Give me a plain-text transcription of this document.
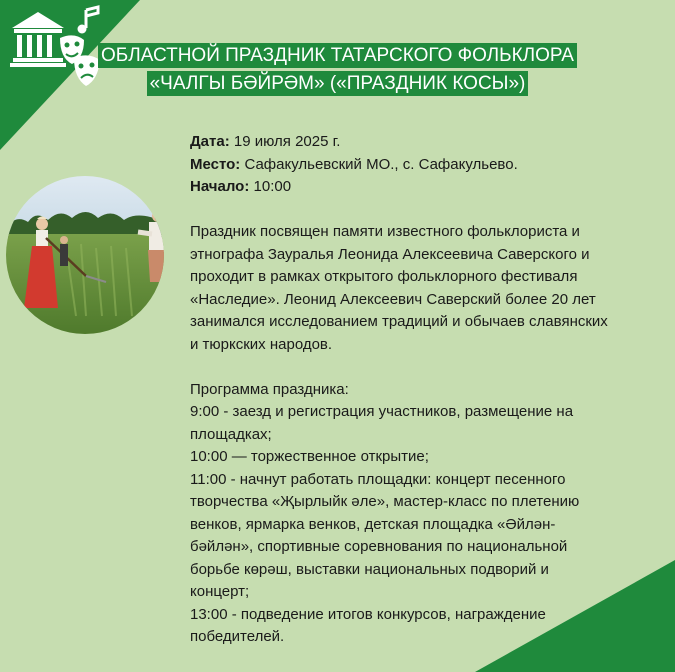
ОБЛАСТНОЙ ПРАЗДНИК ТАТАРСКОГО ФОЛЬКЛОРА
«ЧАЛГЫ БӘЙРӘМ» («ПРАЗДНИК КОСЫ»)

Дата: 19 июля 2025 г.

Место: Сафакульевский МО., с. Сафакульево.

Начало: 10:00

Праздник посвящен памяти известного фольклориста и

этнографа Зауралья Леонида Алексеевича Саверского и

проходит в рамках открытого фольклорного фестиваля

«Наследие». Леонид Алексеевич Саверский более 20 лет

занимался исследованием традиций и обычаев славянских

и тюркских народов.

Программа праздника:

9:00 - заезд и регистрация участников, размещение на

площадках;

10:00 — торжественное открытие;

11:00 - начнут работать площадки: концерт песенного

творчества «Җырлыйк әле», мастер-класс по плетению

венков, ярмарка венков, детская площадка «Әйлән-

бәйлән», спортивные соревнования по национальной

борьбе көрәш, выставки национальных подворий и

концерт;

13:00 - подведение итогов конкурсов, награждение

победителей.
